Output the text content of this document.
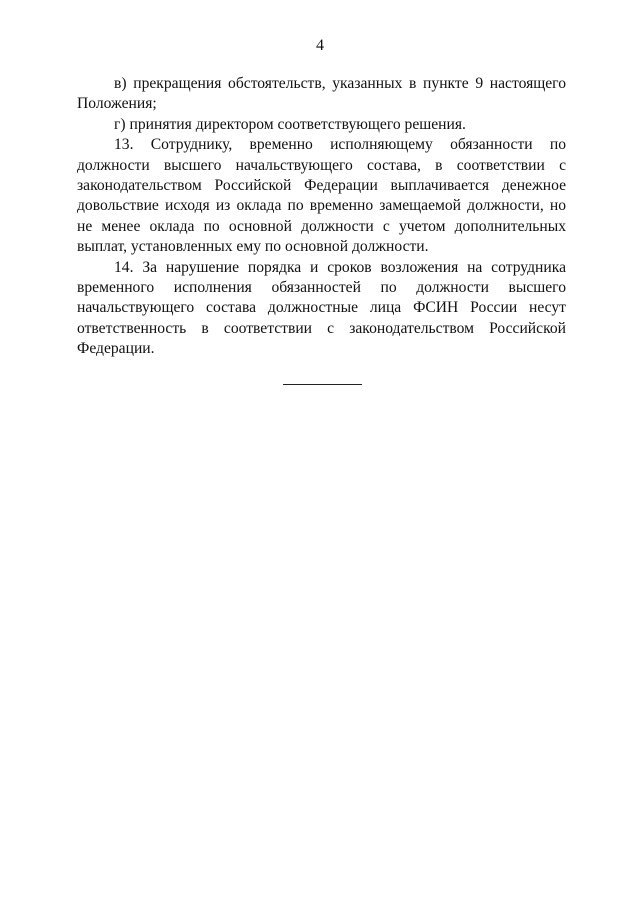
4

в) прекращения обстоятельств, указанных в пункте 9 настоящего Положения;

г) принятия директором соответствующего решения.

13. Сотруднику, временно исполняющему обязанности по должности высшего начальствующего состава, в соответствии с законодательством Российской Федерации выплачивается денежное довольствие исходя из оклада по временно замещаемой должности, но не менее оклада по основной должности с учетом дополнительных выплат, установленных ему по основной должности.

14. За нарушение порядка и сроков возложения на сотрудника временного исполнения обязанностей по должности высшего начальствующего состава должностные лица ФСИН России несут ответственность в соответствии с законодательством Российской Федерации.
